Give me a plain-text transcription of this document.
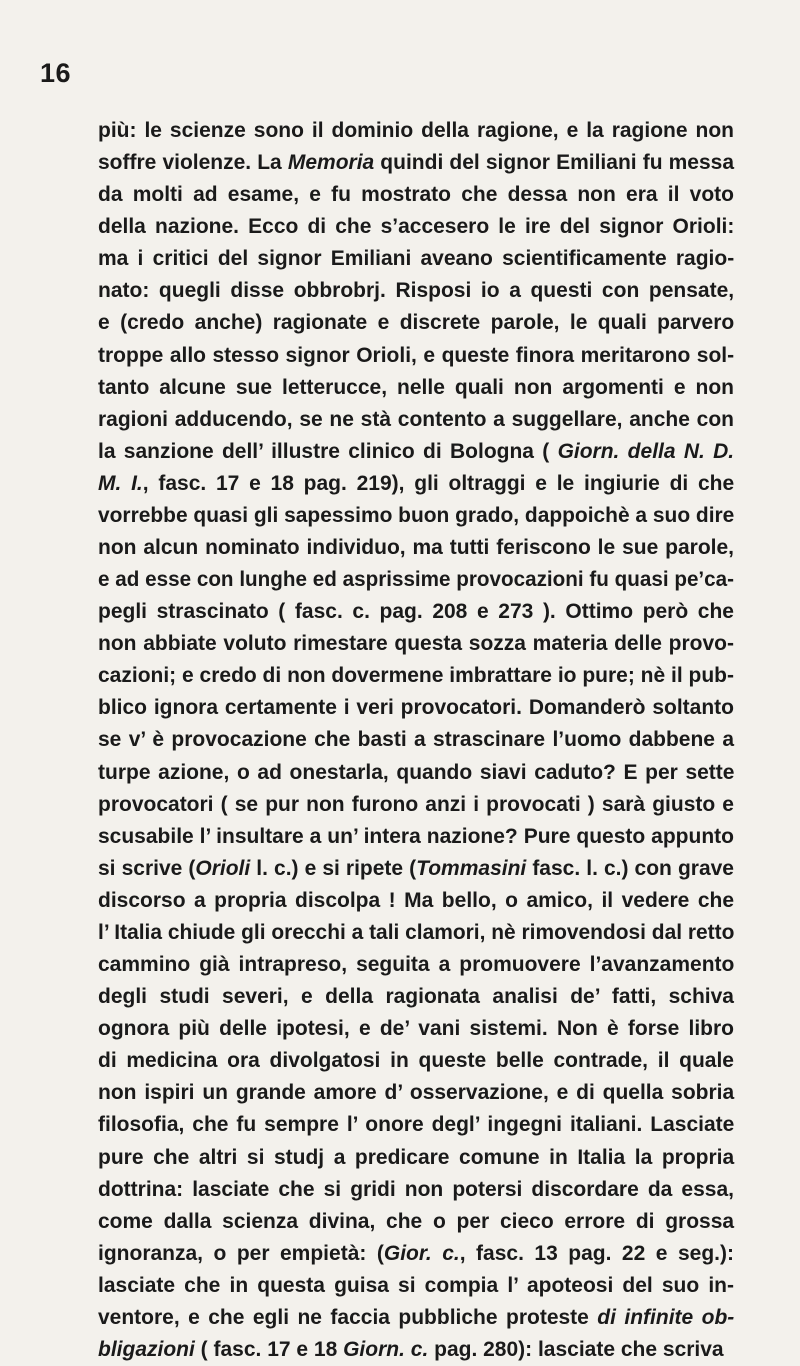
16
più: le scienze sono il dominio della ragione, e la ragione non
soffre violenze. La Memoria quindi del signor Emiliani fu messa
da molti ad esame, e fu mostrato che dessa non era il voto
della nazione. Ecco di che s’accesero le ire del signor Orioli:
ma i critici del signor Emiliani aveano scientificamente ragio-
nato: quegli disse obbrobrj. Risposi io a questi con pensate,
e (credo anche) ragionate e discrete parole, le quali parvero
troppe allo stesso signor Orioli, e queste finora meritarono sol-
tanto alcune sue letterucce, nelle quali non argomenti e non
ragioni adducendo, se ne stà contento a suggellare, anche con
la sanzione dell’ illustre clinico di Bologna ( Giorn. della N. D.
M. I., fasc. 17 e 18 pag. 219), gli oltraggi e le ingiurie di che
vorrebbe quasi gli sapessimo buon grado, dappoichè a suo dire
non alcun nominato individuo, ma tutti feriscono le sue parole,
e ad esse con lunghe ed asprissime provocazioni fu quasi pe’ca-
pegli strascinato ( fasc. c. pag. 208 e 273 ). Ottimo però che
non abbiate voluto rimestare questa sozza materia delle provo-
cazioni; e credo di non dovermene imbrattare io pure; nè il pub-
blico ignora certamente i veri provocatori. Domanderò soltanto
se v’ è provocazione che basti a strascinare l’uomo dabbene a
turpe azione, o ad onestarla, quando siavi caduto? E per sette
provocatori ( se pur non furono anzi i provocati ) sarà giusto e
scusabile l’ insultare a un’ intera nazione? Pure questo appunto
si scrive (Orioli l. c.) e si ripete (Tommasini fasc. l. c.) con grave
discorso a propria discolpa ! Ma bello, o amico, il vedere che
l’ Italia chiude gli orecchi a tali clamori, nè rimovendosi dal retto
cammino già intrapreso, seguita a promuovere l’avanzamento
degli studi severi, e della ragionata analisi de’ fatti, schiva
ognora più delle ipotesi, e de’ vani sistemi. Non è forse libro
di medicina ora divolgatosi in queste belle contrade, il quale
non ispiri un grande amore d’ osservazione, e di quella sobria
filosofia, che fu sempre l’ onore degl’ ingegni italiani. Lasciate
pure che altri si studj a predicare comune in Italia la propria
dottrina: lasciate che si gridi non potersi discordare da essa,
come dalla scienza divina, che o per cieco errore di grossa
ignoranza, o per empietà: (Gior. c., fasc. 13 pag. 22 e seg.):
lasciate che in questa guisa si compia l’ apoteosi del suo in-
ventore, e che egli ne faccia pubbliche proteste di infinite ob-
bligazioni ( fasc. 17 e 18 Giorn. c. pag. 280): lasciate che scriva
